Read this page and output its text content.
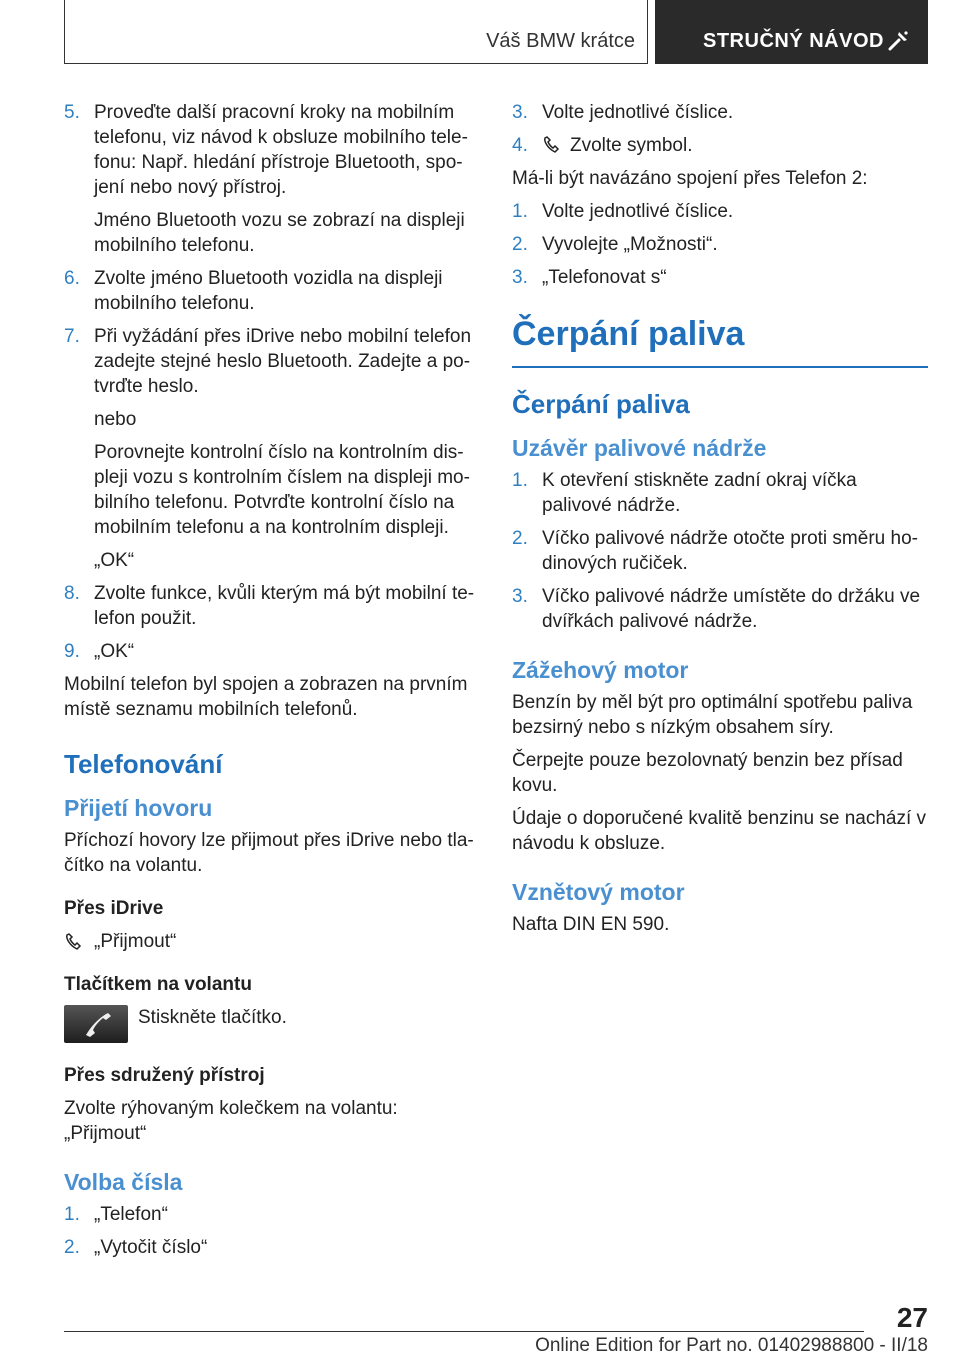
Váš BMW krátce	STRUČNÝ NÁVOD
5. Proveďte další pracovní kroky na mobilním telefonu, viz návod k obsluze mobilního telefonu: Např. hledání přístroje Bluetooth, spojení nebo nový přístroj.
Jméno Bluetooth vozu se zobrazí na displeji mobilního telefonu.
6. Zvolte jméno Bluetooth vozidla na displeji mobilního telefonu.
7. Při vyžádání přes iDrive nebo mobilní telefon zadejte stejné heslo Bluetooth. Zadejte a potvrďte heslo.
nebo
Porovnejte kontrolní číslo na kontrolním displeji vozu s kontrolním číslem na displeji mobilního telefonu. Potvrďte kontrolní číslo na mobilním telefonu a na kontrolním displeji.
„OK“
8. Zvolte funkce, kvůli kterým má být mobilní telefon použit.
9. „OK“

Mobilní telefon byl spojen a zobrazen na prvním místě seznamu mobilních telefonů.

Telefonování
Přijetí hovoru

Příchozí hovory lze přijmout přes iDrive nebo tlačítko na volantu.

Přes iDrive
„Přijmout“
Tlačítkem na volantu
Stiskněte tlačítko.
Přes sdružený přístroj

Zvolte rýhovaným kolečkem na volantu:

„Přijmout“

Volba čísla
1. „Telefon“
2. „Vytočit číslo“
3. Volte jednotlivé číslice.
4. Zvolte symbol.

Má-li být navázáno spojení přes Telefon 2:

1. Volte jednotlivé číslice.
2. Vyvolejte „Možnosti“.
3. „Telefonovat s“
Čerpání paliva
Čerpání paliva
Uzávěr palivové nádrže
1. K otevření stiskněte zadní okraj víčka palivové nádrže.
2. Víčko palivové nádrže otočte proti směru hodinových ručiček.
3. Víčko palivové nádrže umístěte do držáku ve dvířkách palivové nádrže.
Zážehový motor

Benzín by měl být pro optimální spotřebu paliva bezsirný nebo s nízkým obsahem síry.

Čerpejte pouze bezolovnatý benzin bez přísad kovu.

Údaje o doporučené kvalitě benzinu se nachází v návodu k obsluze.

Vznětový motor

Nafta DIN EN 590.

27
Online Edition for Part no. 01402988800 - II/18
